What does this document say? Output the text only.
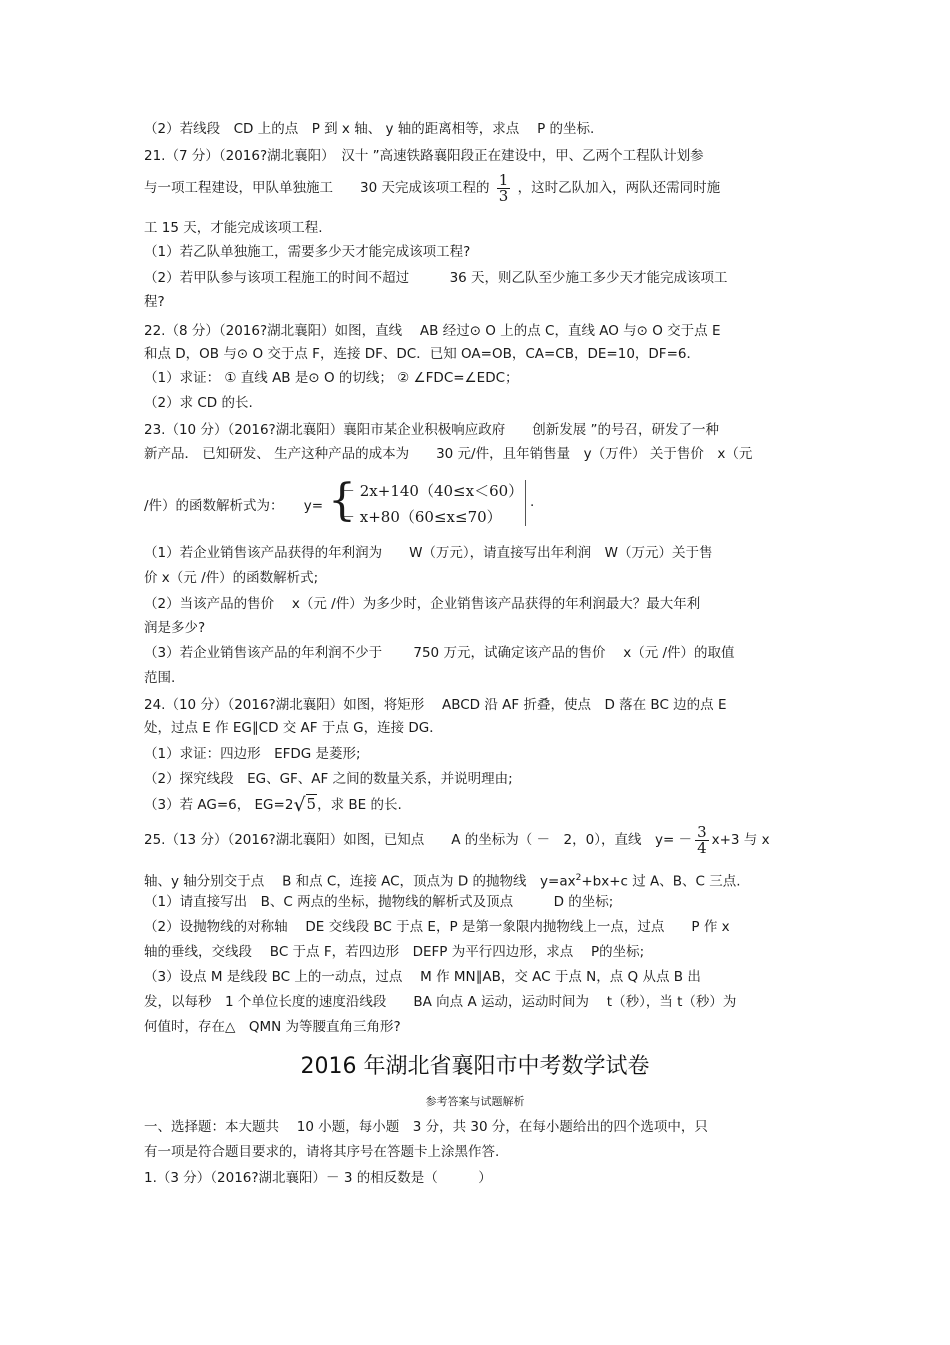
（2）若线段　CD 上的点　P 到 x 轴、 y 轴的距离相等，求点　 P 的坐标.
21.（7 分）（2016?湖北襄阳）　汉十 ”高速铁路襄阳段正在建设中，甲、乙两个工程队计划参
与一项工程建设，甲队单独施工　　30 天完成该项工程的 $\frac{1}{3}$ ，这时乙队加入，两队还需同时施
工 15 天，才能完成该项工程.
（1）若乙队单独施工，需要多少天才能完成该项工程?
（2）若甲队参与该项工程施工的时间不超过　　　36 天，则乙队至少施工多少天才能完成该项工
程?
22.（8 分）（2016?湖北襄阳）如图，直线　 AB 经过⊙ O 上的点 C，直线 AO 与⊙ O 交于点 E
和点 D，OB 与⊙ O 交于点 F，连接 DF、DC．已知 OA=OB，CA=CB，DE=10，DF=6．
（1）求证： ① 直线 AB 是⊙ O 的切线； ② ∠FDC=∠EDC；
（2）求 CD 的长.
23.（10 分）（2016?湖北襄阳）襄阳市某企业积极响应政府　　创新发展 ”的号召，研发了一种
新产品． 已知研发、 生产这种产品的成本为　　30 元/件，且年销售量　y（万件） 关于售价　x（元
/件）的函数解析式为：　　y= {
－ 2x+140（40≤x＜60）
－ x+80（60≤x≤70）
.
（1）若企业销售该产品获得的年利润为　　W（万元），请直接写出年利润　W（万元）关于售
价 x（元 /件）的函数解析式;
（2）当该产品的售价　 x（元 /件）为多少时，企业销售该产品获得的年利润最大？最大年利
润是多少?
（3）若企业销售该产品的年利润不少于　　 750 万元，试确定该产品的售价　 x（元 /件）的取值
范围.
24.（10 分）（2016?湖北襄阳）如图，将矩形　 ABCD 沿 AF 折叠，使点　D 落在 BC 边的点 E
处，过点 E 作 EG∥CD 交 AF 于点 G，连接 DG．
（1）求证：四边形　EFDG 是菱形;
（2）探究线段　EG、GF、AF 之间的数量关系，并说明理由;
（3）若 AG=6， EG=2√5，求 BE 的长.
25.（13 分）（2016?湖北襄阳）如图，已知点　　A 的坐标为（ －　2，0），直线　$y= - \frac{3}{4} x+3$ 与 x
轴、y 轴分别交于点　 B 和点 C，连接 AC，顶点为 D 的抛物线　$y=ax^2+bx+c$ 过 A、B、C 三点.
（1）请直接写出　B、C 两点的坐标，抛物线的解析式及顶点　　　D 的坐标;
（2）设抛物线的对称轴　 DE 交线段 BC 于点 E，P 是第一象限内抛物线上一点，过点　　P 作 x
轴的垂线，交线段　 BC 于点 F，若四边形　DEFP 为平行四边形，求点　 P的坐标;
（3）设点 M 是线段 BC 上的一动点，过点　 M 作 MN∥AB，交 AC 于点 N，点 Q 从点 B 出
发，以每秒　1 个单位长度的速度沿线段　　BA 向点 A 运动，运动时间为　 t（秒），当 t（秒）为
何值时，存在△　QMN 为等腰直角三角形?
2016 年湖北省襄阳市中考数学试卷
参考答案与试题解析
一、选择题：本大题共　 10 小题，每小题　3 分，共 30 分，在每小题给出的四个选项中，只
有一项是符合题目要求的，请将其序号在答题卡上涂黑作答.
1.（3 分）（2016?湖北襄阳）－ 3 的相反数是（　　　）
